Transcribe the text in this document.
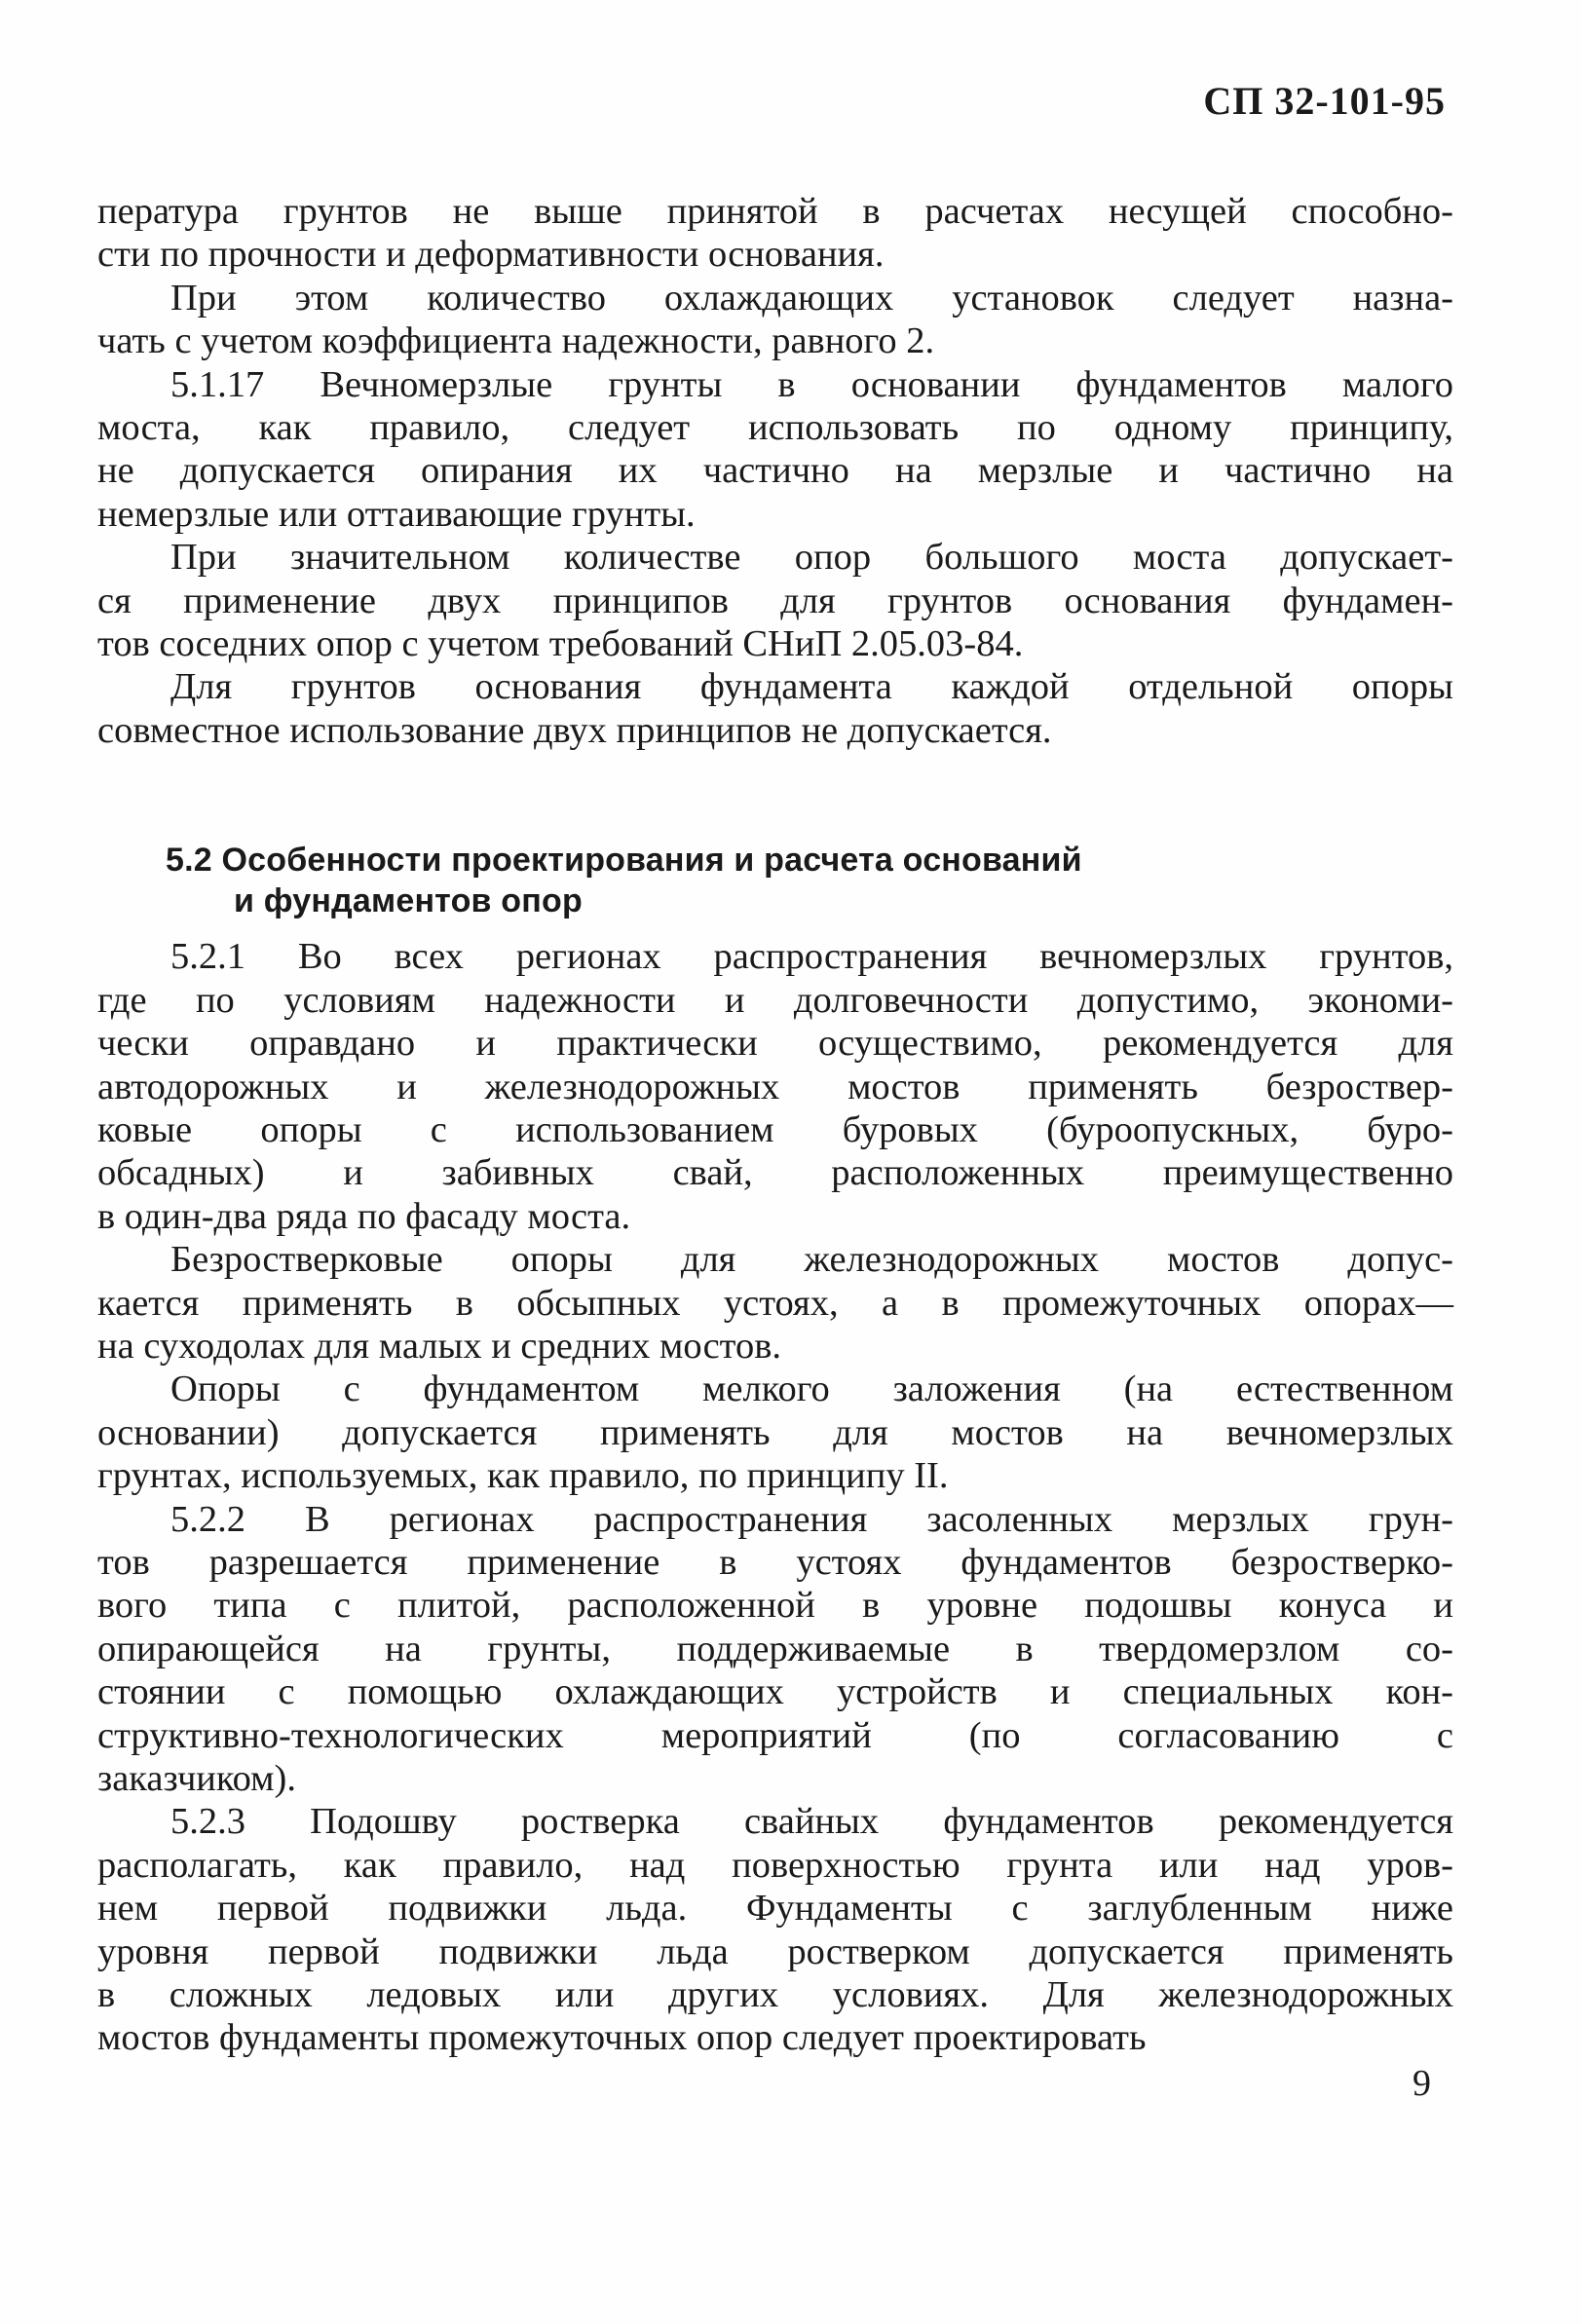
СП 32-101-95
пература грунтов не выше принятой в расчетах несущей способно-
сти по прочности и деформативности основания.
При этом количество охлаждающих установок следует назна-
чать с учетом коэффициента надежности, равного 2.
5.1.17 Вечномерзлые грунты в основании фундаментов малого
моста, как правило, следует использовать по одному принципу,
не допускается опирания их частично на мерзлые и частично на
немерзлые или оттаивающие грунты.
При значительном количестве опор большого моста допускает-
ся применение двух принципов для грунтов основания фундамен-
тов соседних опор с учетом требований СНиП 2.05.03-84.
Для грунтов основания фундамента каждой отдельной опоры
совместное использование двух принципов не допускается.
5.2 Особенности проектирования и расчета оснований
и фундаментов опор
5.2.1 Во всех регионах распространения вечномерзлых грунтов,
где по условиям надежности и долговечности допустимо, экономи-
чески оправдано и практически осуществимо, рекомендуется для
автодорожных и железнодорожных мостов применять безроствер-
ковые опоры с использованием буровых (буроопускных, буро-
обсадных) и забивных свай, расположенных преимущественно
в один-два ряда по фасаду моста.
Безростверковые опоры для железнодорожных мостов допус-
кается применять в обсыпных устоях, а в промежуточных опорах—
на суходолах для малых и средних мостов.
Опоры с фундаментом мелкого заложения (на естественном
основании) допускается применять для мостов на вечномерзлых
грунтах, используемых, как правило, по принципу II.
5.2.2 В регионах распространения засоленных мерзлых грун-
тов разрешается применение в устоях фундаментов безростверко-
вого типа с плитой, расположенной в уровне подошвы конуса и
опирающейся на грунты, поддерживаемые в твердомерзлом со-
стоянии с помощью охлаждающих устройств и специальных кон-
структивно-технологических мероприятий (по согласованию с
заказчиком).
5.2.3 Подошву ростверка свайных фундаментов рекомендуется
располагать, как правило, над поверхностью грунта или над уров-
нем первой подвижки льда. Фундаменты с заглубленным ниже
уровня первой подвижки льда ростверком допускается применять
в сложных ледовых или других условиях. Для железнодорожных
мостов фундаменты промежуточных опор следует проектировать
9
